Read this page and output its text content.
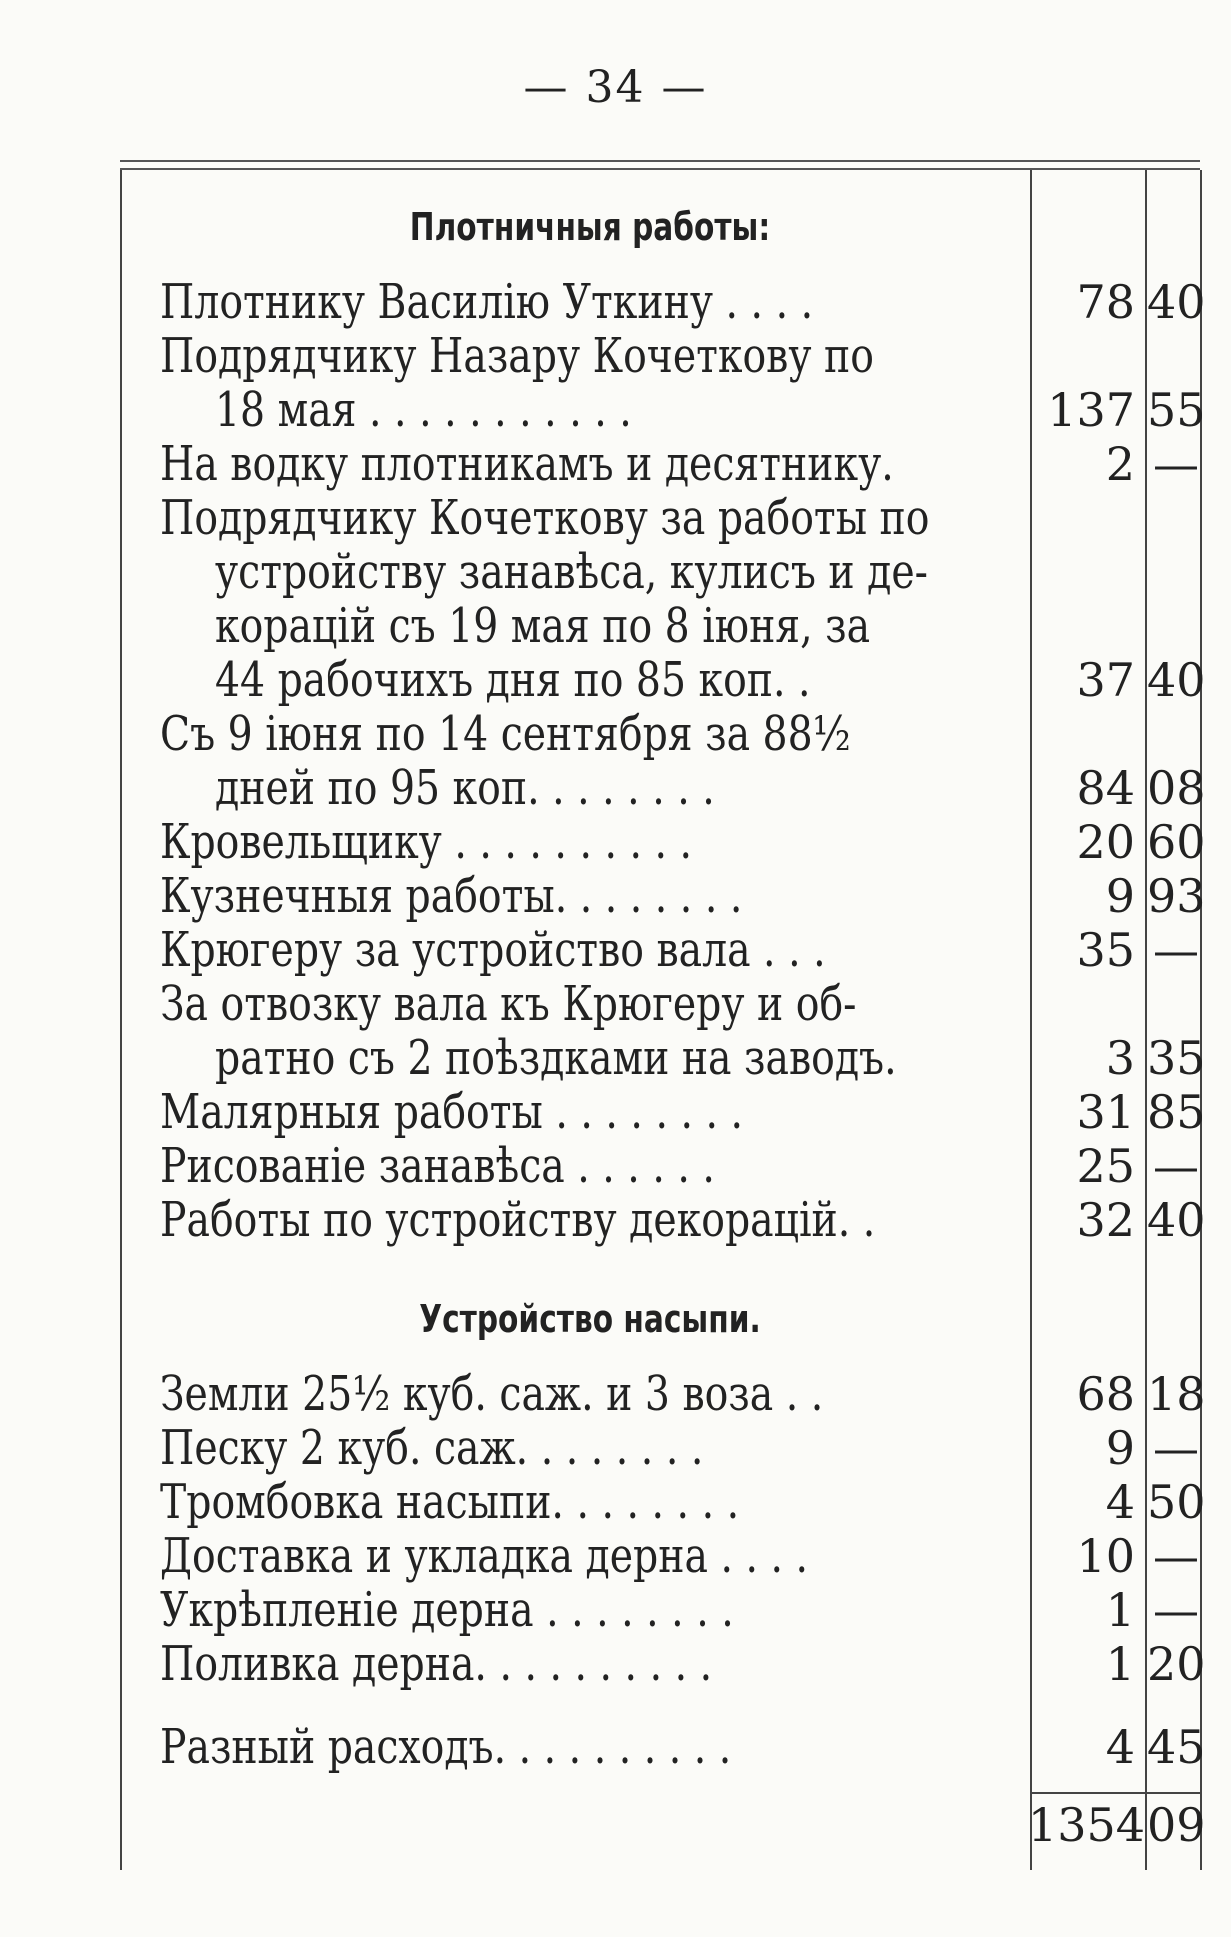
— 34 —
Плотничныя работы:
Плотнику Василію Уткину . . . .	78 40
Подрядчику Назару Кочеткову по
18 мая . . . . . . . . . . .	137 55
На водку плотникамъ и десятнику.	2 —
Подрядчику Кочеткову за работы по
устройству занавѣса, кулисъ и де-
корацій съ 19 мая по 8 іюня, за
44 рабочихъ дня по 85 коп. .	37 40
Съ 9 іюня по 14 сентября за 88½
дней по 95 коп. . . . . . . .	84 08
Кровельщику . . . . . . . . . .	20 60
Кузнечныя работы. . . . . . . .	9 93
Крюгеру за устройство вала . . .	35 —
За отвозку вала къ Крюгеру и об-
ратно съ 2 поѣздками на заводъ.	3 35
Малярныя работы . . . . . . . .	31 85
Рисованіе занавѣса . . . . . .	25 —
Работы по устройству декорацій. .	32 40
Устройство насыпи.
Земли 25½ куб. саж. и 3 воза . .	68 18
Песку 2 куб. саж. . . . . . . .	9 —
Тромбовка насыпи. . . . . . . .	4 50
Доставка и укладка дерна . . . .	10 —
Укрѣпленіе дерна . . . . . . . .	1 —
Поливка дерна. . . . . . . . . .	1 20
Разный расходъ. . . . . . . . . .	4 45
1354 09
